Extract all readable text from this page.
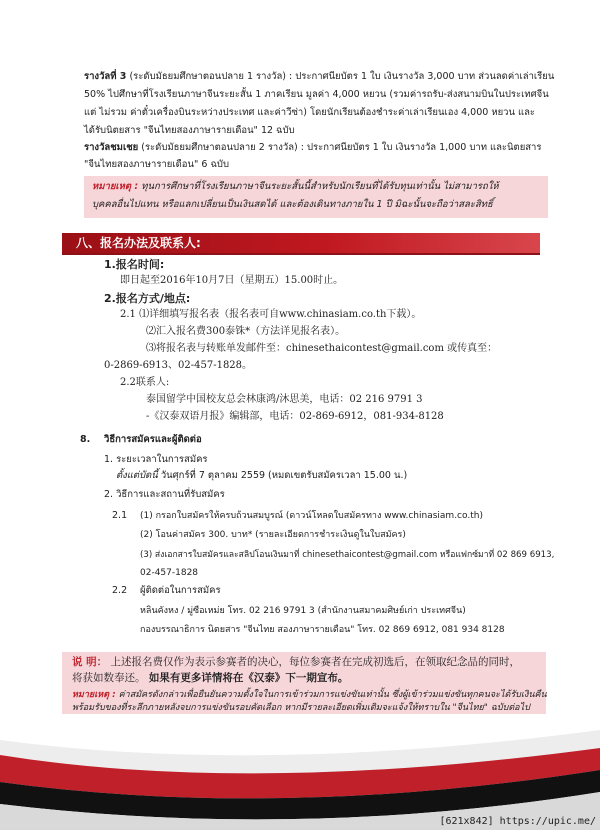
รางวัลที่ 3 (ระดับมัธยมศึกษาตอนปลาย 1 รางวัล) : ประกาศนียบัตร 1 ใบ เงินรางวัล 3,000 บาท ส่วนลดค่าเล่าเรียน
50% ไปศึกษาที่โรงเรียนภาษาจีนระยะสั้น 1 ภาคเรียน มูลค่า 4,000 หยวน (รวมค่ารถรับ-ส่งสนามบินในประเทศจีน
แต่ ไม่รวม ค่าตั๋วเครื่องบินระหว่างประเทศ และค่าวีซ่า) โดยนักเรียนต้องชำระค่าเล่าเรียนเอง 4,000 หยวน และ
ได้รับนิตยสาร "จีนไทยสองภาษารายเดือน" 12 ฉบับ
รางวัลชมเชย (ระดับมัธยมศึกษาตอนปลาย 2 รางวัล) : ประกาศนียบัตร 1 ใบ เงินรางวัล 1,000 บาท และนิตยสาร
"จีนไทยสองภาษารายเดือน" 6 ฉบับ
หมายเหตุ : ทุนการศึกษาที่โรงเรียนภาษาจีนระยะสั้นนี้สำหรับนักเรียนที่ได้รับทุนเท่านั้น ไม่สามารถให้
บุคคลอื่นไปแทน หรือแลกเปลี่ยนเป็นเงินสดได้ และต้องเดินทางภายใน 1 ปี มิฉะนั้นจะถือว่าสละสิทธิ์
八、报名办法及联系人:
1.报名时间:
即日起至2016年10月7日（星期五）15.00时止。
2.报名方式/地点:
2.1 ⑴详细填写报名表（报名表可自www.chinasiam.co.th下载）。
⑵汇入报名费300泰铢*（方法详见报名表）。
⑶将报名表与转账单发邮件至：chinesethaicontest@gmail.com 或传真至：
0-2869-6913、02-457-1828。
2.2联系人:
泰国留学中国校友总会林康鸿/沐思美，电话：02 216 9791 3
-《汉泰双语月报》编辑部，电话：02-869-6912，081-934-8128
8. วิธีการสมัครและผู้ติดต่อ
1. ระยะเวลาในการสมัคร
ตั้งแต่บัดนี้ วันศุกร์ที่ 7 ตุลาคม 2559 (หมดเขตรับสมัครเวลา 15.00 น.)
2. วิธีการและสถานที่รับสมัคร
2.1 (1) กรอกใบสมัครให้ครบถ้วนสมบูรณ์ (ดาวน์โหลดใบสมัครทาง www.chinasiam.co.th)
(2) โอนค่าสมัคร 300. บาท* (รายละเอียดการชำระเงินดูในใบสมัคร)
(3) ส่งเอกสารใบสมัครและสลิปโอนเงินมาที่ chinesethaicontest@gmail.com หรือแฟกซ์มาที่ 02 869 6913,
02-457-1828
2.2 ผู้ติดต่อในการสมัคร
หลินคังหง / มู่ซือเหม่ย โทร. 02 216 9791 3 (สำนักงานสมาคมศิษย์เก่า ประเทศจีน)
กองบรรณาธิการ นิตยสาร "จีนไทย สองภาษารายเดือน" โทร. 02 869 6912, 081 934 8128
说 明： 上述报名费仅作为表示参赛者的决心，每位参赛者在完成初选后，在领取纪念品的同时，
将获如数奉还。 如果有更多详情将在《汉泰》下一期宣布。
หมายเหตุ : ค่าสมัครดังกล่าวเพื่อยืนยันความตั้งใจในการเข้าร่วมการแข่งขันเท่านั้น ซึ่งผู้เข้าร่วมแข่งขันทุกคนจะได้รับเงินคืน
พร้อมรับของที่ระลึกภายหลังจบการแข่งขันรอบคัดเลือก หากมีรายละเอียดเพิ่มเติมจะแจ้งให้ทราบใน "จีนไทย" ฉบับต่อไป
[621x842] https://upic.me/
